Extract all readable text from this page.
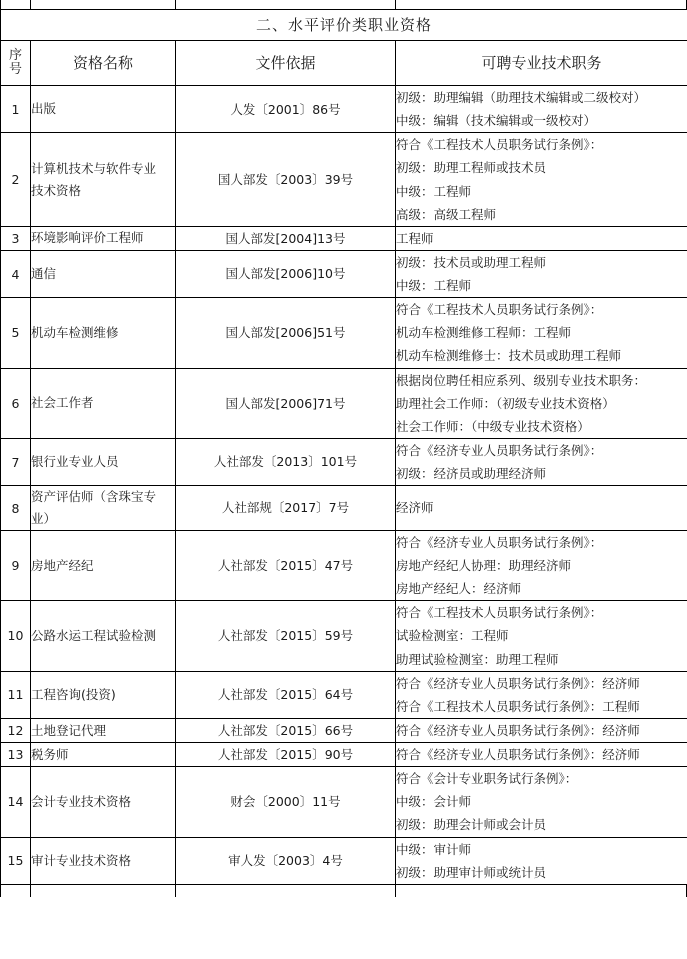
二、水平评价类职业资格			

序
号	资格名称	文件依据	可聘专业技术职务
1	出版	人发〔2001〕86号	初级：助理编辑（助理技术编辑或二级校对）
中级：编辑（技术编辑或一级校对）

2	计算机技术与软件专业
技术资格	国人部发〔2003〕39号	符合《工程技术人员职务试行条例》：
初级：助理工程师或技术员
中级：工程师
高级：高级工程师

3	环境影响评价工程师	国人部发[2004]13号	工程师

4	通信	国人部发[2006]10号	初级：技术员或助理工程师
中级：工程师

5	机动车检测维修	国人部发[2006]51号	符合《工程技术人员职务试行条例》：
机动车检测维修工程师：工程师
机动车检测维修士：技术员或助理工程师

6	社会工作者	国人部发[2006]71号	根据岗位聘任相应系列、级别专业技术职务：
助理社会工作师：（初级专业技术资格）
社会工作师：（中级专业技术资格）

7	银行业专业人员	人社部发〔2013〕101号	符合《经济专业人员职务试行条例》：
初级：经济员或助理经济师

8	资产评估师（含珠宝专
业）	人社部规〔2017〕7号	经济师

9	房地产经纪	人社部发〔2015〕47号	符合《经济专业人员职务试行条例》：
房地产经纪人协理：助理经济师
房地产经纪人：经济师

10	公路水运工程试验检测	人社部发〔2015〕59号	符合《工程技术人员职务试行条例》：
试验检测室：工程师
助理试验检测室：助理工程师

11	工程咨询(投资)	人社部发〔2015〕64号	符合《经济专业人员职务试行条例》：经济师
符合《工程技术人员职务试行条例》：工程师

12	土地登记代理	人社部发〔2015〕66号	符合《经济专业人员职务试行条例》：经济师

13	税务师	人社部发〔2015〕90号	符合《经济专业人员职务试行条例》：经济师

14	会计专业技术资格	财会〔2000〕11号	符合《会计专业职务试行条例》：
中级：会计师
初级：助理会计师或会计员

15	审计专业技术资格	审人发〔2003〕4号	中级：审计师
初级：助理审计师或统计员
